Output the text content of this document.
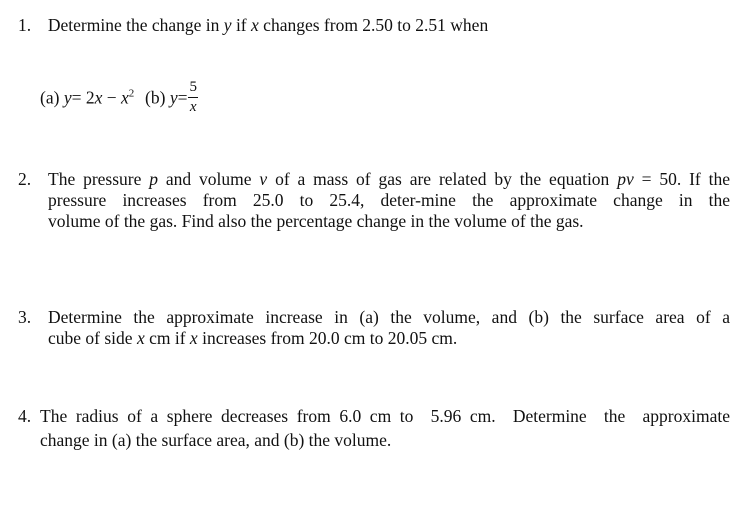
1. Determine the change in y if x changes from 2.50 to 2.51 when
(a) $y= 2x - x^2$ (b) $y= \frac{5}{x}$
2. The pressure p and volume v of a mass of gas are related by the equation pv = 50. If the
pressure increases from 25.0 to 25.4, deter-mine the approximate change in the
volume of the gas. Find also the percentage change in the volume of the gas.
3. Determine the approximate increase in (a) the volume, and (b) the surface area of a
cube of side x cm if x increases from 20.0 cm to 20.05 cm.
4. The radius of a sphere decreases from 6.0 cm to  5.96 cm.  Determine  the  approximate
change in (a) the surface area, and (b) the volume.
